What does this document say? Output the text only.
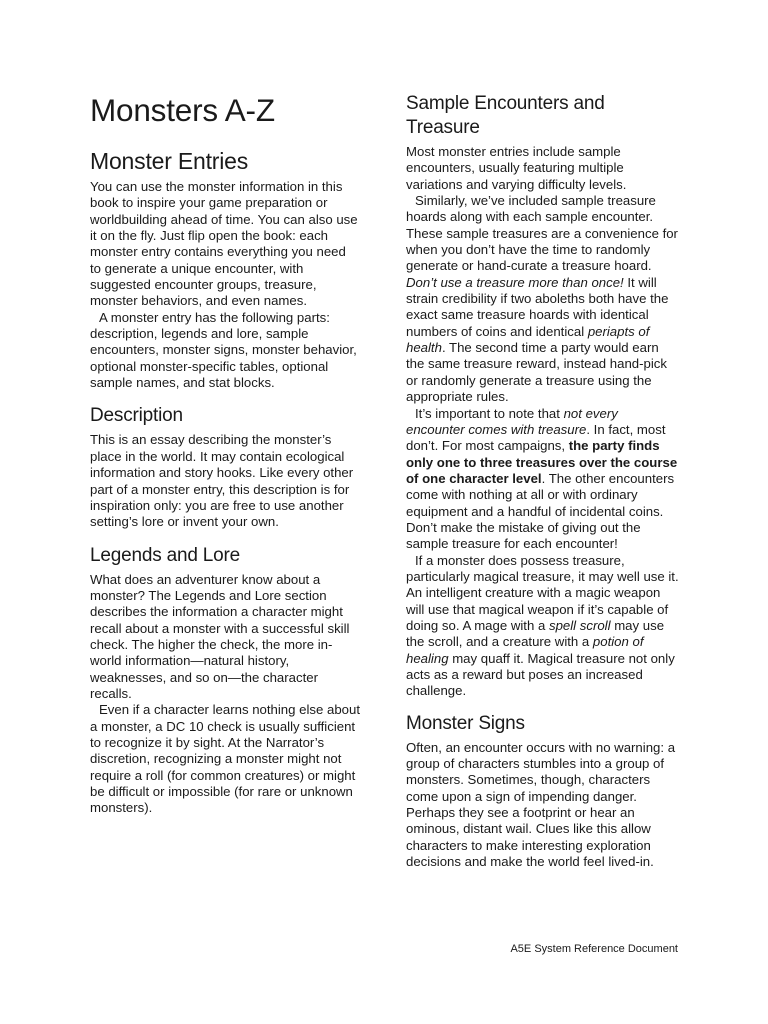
Monsters A-Z
Monster Entries

You can use the monster information in this book to inspire your game preparation or worldbuilding ahead of time. You can also use it on the fly. Just flip open the book: each monster entry contains everything you need to generate a unique encounter, with suggested encounter groups, treasure, monster behaviors, and even names.

A monster entry has the following parts: description, legends and lore, sample encounters, monster signs, monster behavior, optional monster-specific tables, optional sample names, and stat blocks.

Description

This is an essay describing the monster’s place in the world. It may contain ecological information and story hooks. Like every other part of a monster entry, this description is for inspiration only: you are free to use another setting’s lore or invent your own.

Legends and Lore

What does an adventurer know about a monster? The Legends and Lore section describes the information a character might recall about a monster with a successful skill check. The higher the check, the more in-world information—natural history, weaknesses, and so on—the character recalls.

Even if a character learns nothing else about a monster, a DC 10 check is usually sufficient to recognize it by sight. At the Narrator’s discretion, recognizing a monster might not require a roll (for common creatures) or might be difficult or impossible (for rare or unknown monsters).

Sample Encounters and Treasure

Most monster entries include sample encounters, usually featuring multiple variations and varying difficulty levels.

Similarly, we’ve included sample treasure hoards along with each sample encounter. These sample treasures are a convenience for when you don’t have the time to randomly generate or hand-curate a treasure hoard. Don’t use a treasure more than once! It will strain credibility if two aboleths both have the exact same treasure hoards with identical numbers of coins and identical periapts of health. The second time a party would earn the same treasure reward, instead hand-pick or randomly generate a treasure using the appropriate rules.

It’s important to note that not every encounter comes with treasure. In fact, most don’t. For most campaigns, the party finds only one to three treasures over the course of one character level. The other encounters come with nothing at all or with ordinary equipment and a handful of incidental coins. Don’t make the mistake of giving out the sample treasure for each encounter!

If a monster does possess treasure, particularly magical treasure, it may well use it. An intelligent creature with a magic weapon will use that magical weapon if it’s capable of doing so. A mage with a spell scroll may use the scroll, and a creature with a potion of healing may quaff it. Magical treasure not only acts as a reward but poses an increased challenge.

Monster Signs

Often, an encounter occurs with no warning: a group of characters stumbles into a group of monsters. Sometimes, though, characters come upon a sign of impending danger. Perhaps they see a footprint or hear an ominous, distant wail. Clues like this allow characters to make interesting exploration decisions and make the world feel lived-in.

A5E System Reference Document
